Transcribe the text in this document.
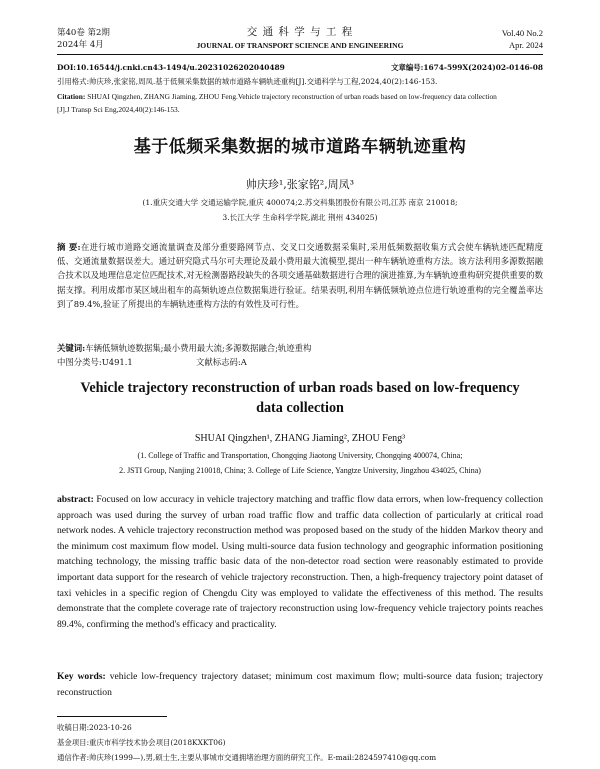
第40卷 第2期
2024年 4月
交 通 科 学 与 工 程
JOURNAL OF TRANSPORT SCIENCE AND ENGINEERING
Vol.40 No.2
Apr. 2024
DOI:10.16544/j.cnki.cn43-1494/u.202310262020404​89	文章编号:1674-599X(2024)02-0146-08
引用格式:帅庆珍,张家铭,周凤.基于低频采集数据的城市道路车辆轨迹重构[J].交通科学与工程,2024,40(2):146-153.
Citation: SHUAI Qingzhen, ZHANG Jiaming, ZHOU Feng.Vehicle trajectory reconstruction of urban roads based on low-frequency data collection
[J].J Transp Sci Eng,2024,40(2):146-153.
基于低频采集数据的城市道路车辆轨迹重构
帅庆珍¹,张家铭²,周凤³
(1.重庆交通大学 交通运输学院,重庆 400074;2.苏交科集团股份有限公司,江苏 南京 210018;
3.长江大学 生命科学学院,湖北 荆州 434025)
摘 要:在进行城市道路交通流量调查及部分重要路网节点、交叉口交通数据采集时,采用低频数据收集方式会使车辆轨迹匹配精度低、交通流量数据误差大。通过研究隐式马尔可夫理论及最小费用最大流模型,提出一种车辆轨迹重构方法。该方法利用多源数据融合技术以及地理信息定位匹配技术,对无检测器路段缺失的各项交通基础数据进行合理的演进推算,为车辆轨迹重构研究提供重要的数据支撑。利用成都市某区域出租车的高频轨迹点位数据集进行验证。结果表明,利用车辆低频轨迹点位进行轨迹重构的完全覆盖率达到了89.4%,验证了所提出的车辆轨迹重构方法的有效性及可行性。
关键词:车辆低频轨迹数据集;最小费用最大流;多源数据融合;轨迹重构
中图分类号:U491.1	文献标志码:A
Vehicle trajectory reconstruction of urban roads based on low-frequency
data collection
SHUAI Qingzhen¹, ZHANG Jiaming², ZHOU Feng³
(1. College of Traffic and Transportation, Chongqing Jiaotong University, Chongqing 400074, China;
2. JSTI Group, Nanjing 210018, China; 3. College of Life Science, Yangtze University, Jingzhou 434025, China)
abstract: Focused on low accuracy in vehicle trajectory matching and traffic flow data errors, when low-frequency collection approach was used during the survey of urban road traffic flow and traffic data collection of particularly at critical road network nodes. A vehicle trajectory reconstruction method was proposed based on the study of the hidden Markov theory and the minimum cost maximum flow model. Using multi-source data fusion technology and geographic information positioning matching technology, the missing traffic basic data of the non-detector road section were reasonably estimated to provide important data support for the research of vehicle trajectory reconstruction. Then, a high-frequency trajectory point dataset of taxi vehicles in a specific region of Chengdu City was employed to validate the effectiveness of this method. The results demonstrate that the complete coverage rate of trajectory reconstruction using low-frequency vehicle trajectory points reaches 89.4%, confirming the method's efficacy and practicality.
Key words: vehicle low-frequency trajectory dataset; minimum cost maximum flow; multi-source data fusion; trajectory reconstruction
收稿日期:2023-10-26
基金项目:重庆市科学技术协会项目(2018KXKT06)
通信作者:帅庆珍(1999—),男,硕士生,主要从事城市交通拥堵治理方面的研究工作。E-mail:2824597410@qq.com
